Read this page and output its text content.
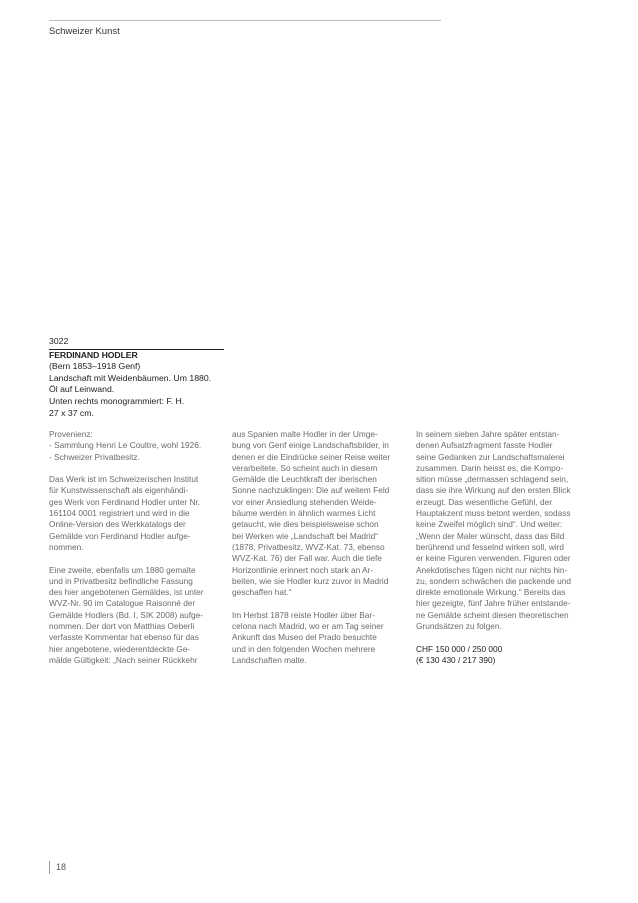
Schweizer Kunst
3022
FERDINAND HODLER
(Bern 1853–1918 Genf)
Landschaft mit Weidenbäumen. Um 1880.
Öl auf Leinwand.
Unten rechts monogrammiert: F. H.
27 x 37 cm.

Provenienz:
- Sammlung Henri Le Coultre, wohl 1926.
- Schweizer Privatbesitz.

Das Werk ist im Schweizerischen Institut
für Kunstwissenschaft als eigenhändi-
ges Werk von Ferdinand Hodler unter Nr.
161104 0001 registriert und wird in die
Online-Version des Werkkatalogs der
Gemälde von Ferdinand Hodler aufge-
nommen.

Eine zweite, ebenfalls um 1880 gemalte
und in Privatbesitz befindliche Fassung
des hier angebotenen Gemäldes, ist unter
WVZ-Nr. 90 im Catalogue Raisonné der
Gemälde Hodlers (Bd. I, SIK 2008) aufge-
nommen. Der dort von Matthias Oeberli
verfasste Kommentar hat ebenso für das
hier angebotene, wiederentdeckte Ge-
mälde Gültigkeit: „Nach seiner Rückkehr

aus Spanien malte Hodler in der Umge-
bung von Genf einige Landschaftsbilder, in
denen er die Eindrücke seiner Reise weiter
verarbeitete. So scheint auch in diesem
Gemälde die Leuchtkraft der iberischen
Sonne nachzuklingen: Die auf weitem Feld
vor einer Ansiedlung stehenden Weide-
bäume werden in ähnlich warmes Licht
getaucht, wie dies beispielsweise schon
bei Werken wie „Landschaft bei Madrid“
(1878, Privatbesitz, WVZ-Kat. 73, ebenso
WVZ-Kat. 76) der Fall war. Auch die tiefe
Horizontlinie erinnert noch stark an Ar-
beiten, wie sie Hodler kurz zuvor in Madrid
geschaffen hat.“

Im Herbst 1878 reiste Hodler über Bar-
celona nach Madrid, wo er am Tag seiner
Ankunft das Museo del Prado besuchte
und in den folgenden Wochen mehrere
Landschaften malte.

In seinem sieben Jahre später entstan-
denen Aufsatzfragment fasste Hodler
seine Gedanken zur Landschaftsmalerei
zusammen. Darin heisst es, die Kompo-
sition müsse „dermassen schlagend sein,
dass sie ihre Wirkung auf den ersten Blick
erzeugt. Das wesentliche Gefühl, der
Hauptakzent muss betont werden, sodass
keine Zweifel möglich sind“. Und weiter:
„Wenn der Maler wünscht, dass das Bild
berührend und fesselnd wirken soll, wird
er keine Figuren verwenden. Figuren oder
Anekdotisches fügen nicht nur nichts hin-
zu, sondern schwächen die packende und
direkte emotionale Wirkung.“ Bereits das
hier gezeigte, fünf Jahre früher entstande-
ne Gemälde scheint diesen theoretischen
Grundsätzen zu folgen.

CHF 150 000 / 250 000
(€ 130 430 / 217 390)
18
